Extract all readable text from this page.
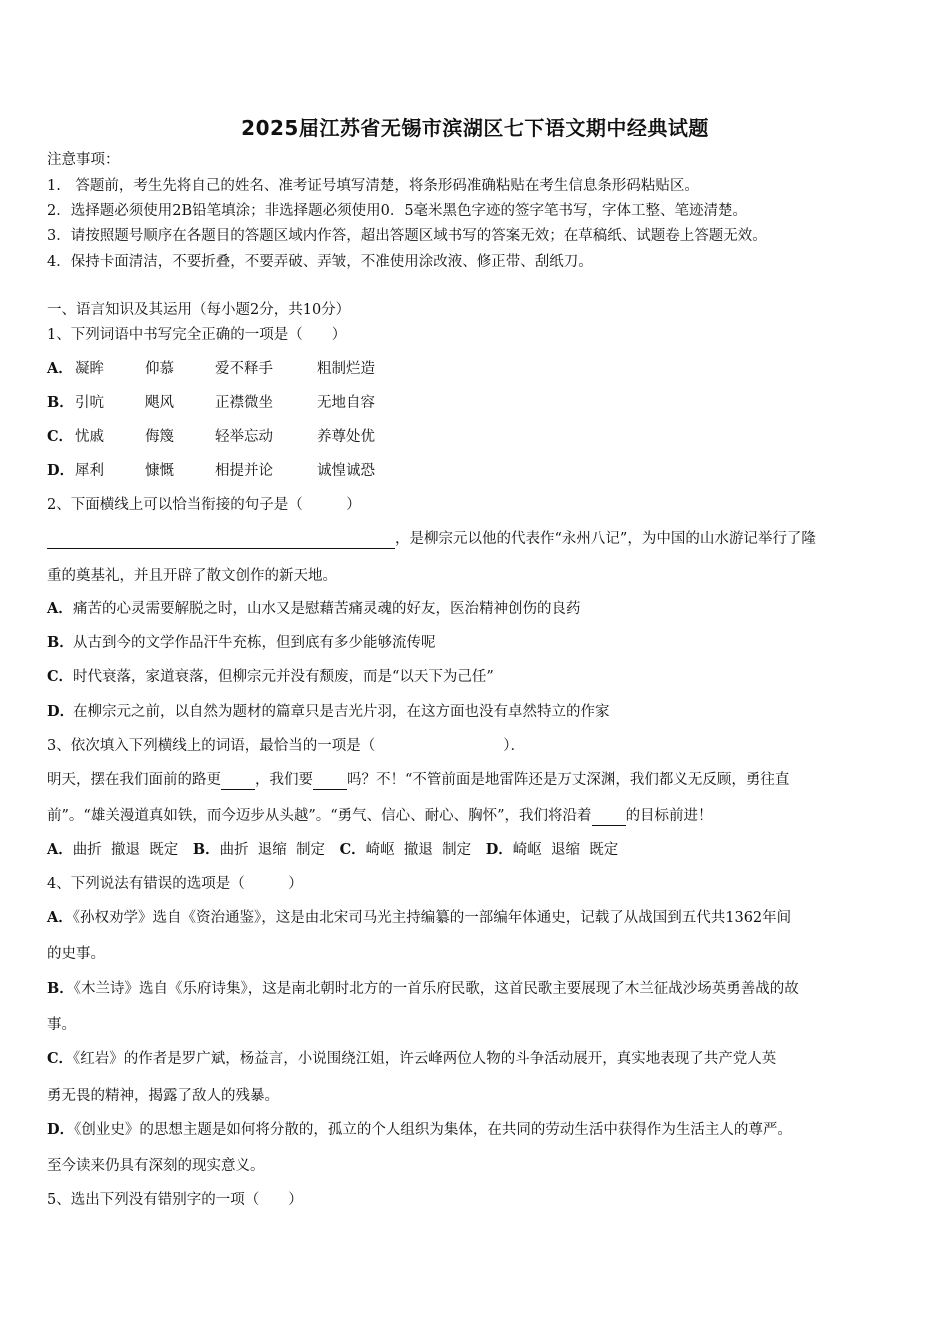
2025届江苏省无锡市滨湖区七下语文期中经典试题
注意事项：
1.　答题前，考生先将自己的姓名、准考证号填写清楚，将条形码准确粘贴在考生信息条形码粘贴区。
2．选择题必须使用2B铅笔填涂；非选择题必须使用0．5毫米黑色字迹的签字笔书写，字体工整、笔迹清楚。
3．请按照题号顺序在各题目的答题区域内作答，超出答题区域书写的答案无效；在草稿纸、试题卷上答题无效。
4．保持卡面清洁，不要折叠，不要弄破、弄皱，不准使用涂改液、修正带、刮纸刀。
一、语言知识及其运用（每小题2分，共10分）
1、下列词语中书写完全正确的一项是（　　）
A． 凝眸	仰慕	爱不释手	粗制烂造
B．引吭	飓风	正襟微坐	无地自容
C． 忧戚	侮篾	轻举忘动	养尊处优
D．犀利	慷慨	相提并论	诚惶诚恐
2、下面横线上可以恰当衔接的句子是（　　　）
，是柳宗元以他的代表作“永州八记”，为中国的山水游记举行了隆
重的奠基礼，并且开辟了散文创作的新天地。
A．痛苦的心灵需要解脱之时，山水又是慰藉苦痛灵魂的好友，医治精神创伤的良药
B．从古到今的文学作品汗牛充栋，但到底有多少能够流传呢
C．时代衰落，家道衰落，但柳宗元并没有颓废，而是“以天下为己任”
D．在柳宗元之前，以自然为题材的篇章只是吉光片羽，在这方面也没有卓然特立的作家
3、依次填入下列横线上的词语，最恰当的一项是（	）．
明天，摆在我们面前的路更 ，我们要 吗？不！“不管前面是地雷阵还是万丈深渊，我们都义无反顾，勇往直
前”。“雄关漫道真如铁，而今迈步从头越”。“勇气、信心、耐心、胸怀”，我们将沿着 的目标前进！
A．曲折  撤退  既定 B．曲折  退缩  制定 C．崎岖  撤退  制定 D．崎岖  退缩  既定
4、下列说法有错误的选项是（　　　）
A．《孙权劝学》选自《资治通鉴》，这是由北宋司马光主持编纂的一部编年体通史，记载了从战国到五代共1362年间
的史事。
B．《木兰诗》选自《乐府诗集》，这是南北朝时北方的一首乐府民歌，这首民歌主要展现了木兰征战沙场英勇善战的故
事。
C．《红岩》的作者是罗广斌，杨益言，小说围绕江姐，许云峰两位人物的斗争活动展开，真实地表现了共产党人英
勇无畏的精神，揭露了敌人的残暴。
D．《创业史》的思想主题是如何将分散的，孤立的个人组织为集体，在共同的劳动生活中获得作为生活主人的尊严。
至今读来仍具有深刻的现实意义。
5、选出下列没有错别字的一项（　　）
